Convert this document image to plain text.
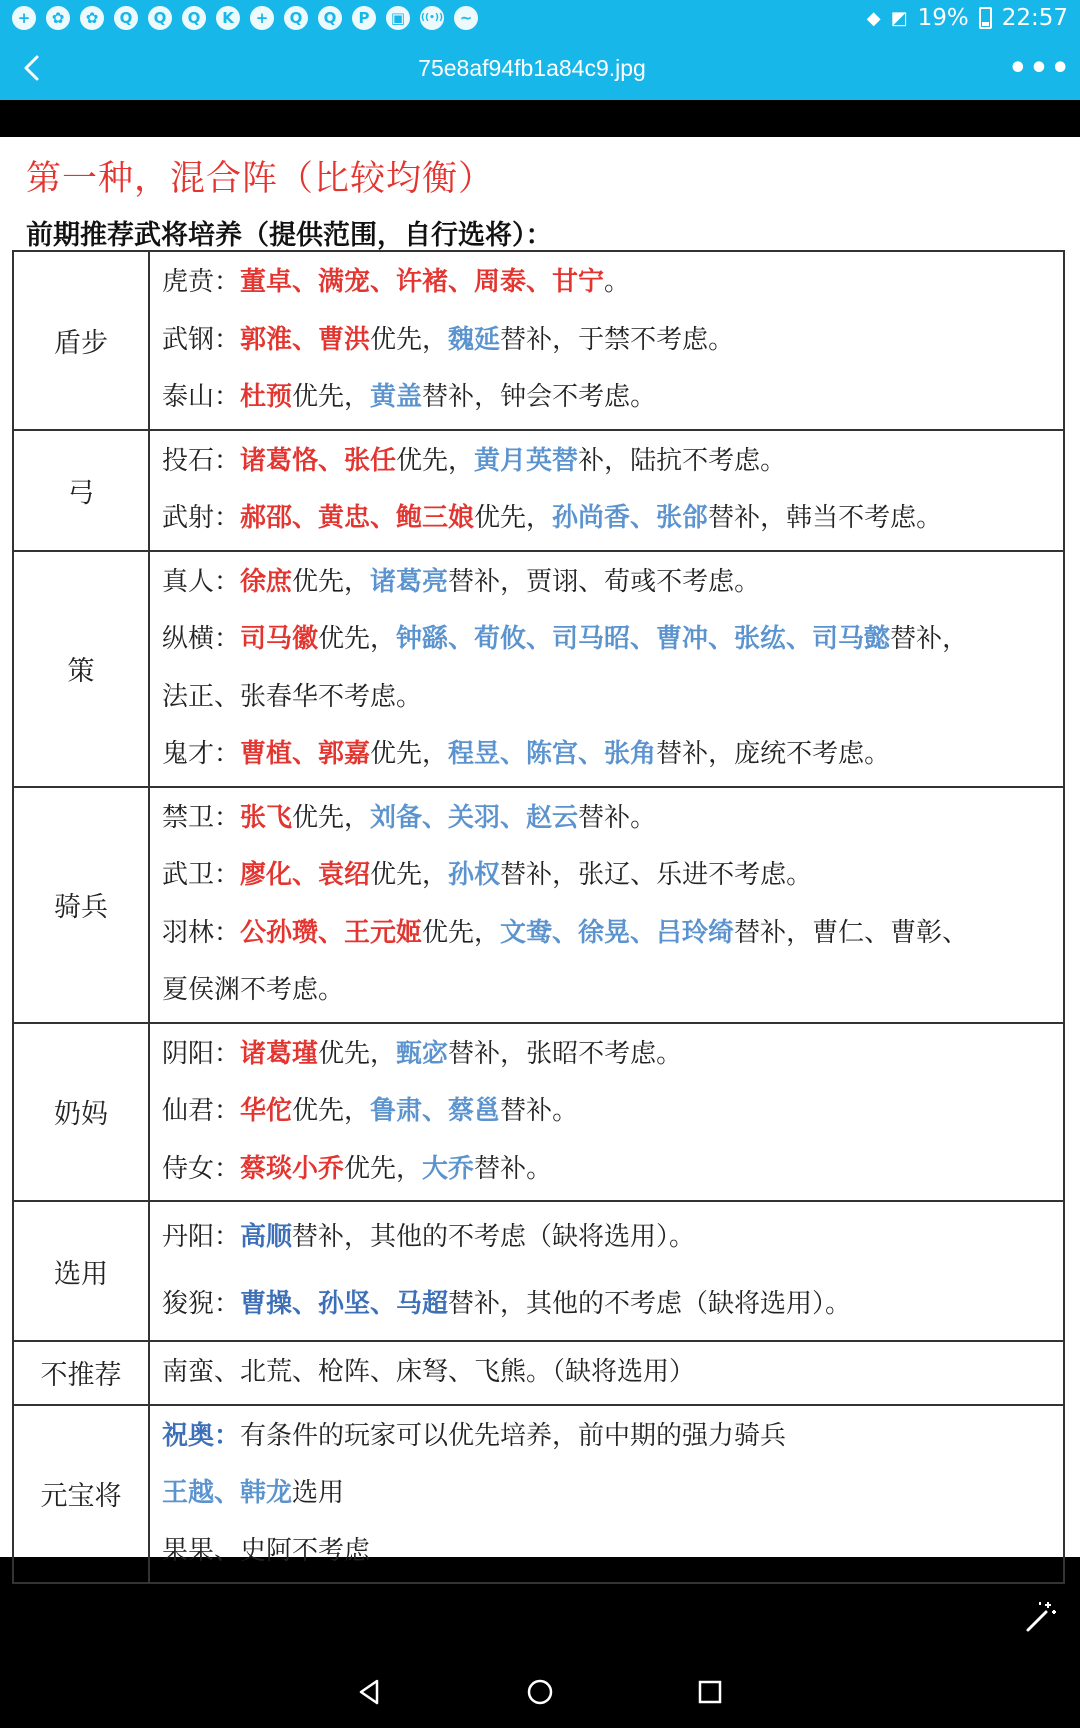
+	✿	✿	Q	Q	Q	K	+	Q	Q	P	▣	((•))	~	◆ ◩ 19% 22:57
75e8af94fb1a84c9.jpg	•••
第一种，混合阵（比较均衡）
前期推荐武将培养（提供范围，自行选将）：
盾步	虎贲：董卓、满宠、许褚、周泰、甘宁。
武钢：郭淮、曹洪优先，魏延替补，于禁不考虑。
泰山：杜预优先，黄盖替补，钟会不考虑。

弓	投石：诸葛恪、张任优先，黄月英替补，陆抗不考虑。
武射：郝邵、黄忠、鲍三娘优先，孙尚香、张郃替补，韩当不考虑。

策	真人：徐庶优先，诸葛亮替补，贾诩、荀彧不考虑。
纵横：司马徽优先，钟繇、荀攸、司马昭、曹冲、张纮、司马懿替补，
法正、张春华不考虑。
鬼才：曹植、郭嘉优先，程昱、陈宫、张角替补，庞统不考虑。

骑兵	禁卫：张飞优先，刘备、关羽、赵云替补。
武卫：廖化、袁绍优先，孙权替补，张辽、乐进不考虑。
羽林：公孙瓒、王元姬优先，文鸯、徐晃、吕玲绮替补，曹仁、曹彰、
夏侯渊不考虑。

奶妈	阴阳：诸葛瑾优先，甄宓替补，张昭不考虑。
仙君：华佗优先，鲁肃、蔡邕替补。
侍女：蔡琰小乔优先，大乔替补。

选用	丹阳：高顺替补，其他的不考虑（缺将选用）。
狻猊：曹操、孙坚、马超替补，其他的不考虑（缺将选用）。

不推荐	南蛮、北荒、枪阵、床弩、飞熊。（缺将选用）

元宝将	祝奥：有条件的玩家可以优先培养，前中期的强力骑兵
王越、韩龙选用
果果、史阿不考虑
